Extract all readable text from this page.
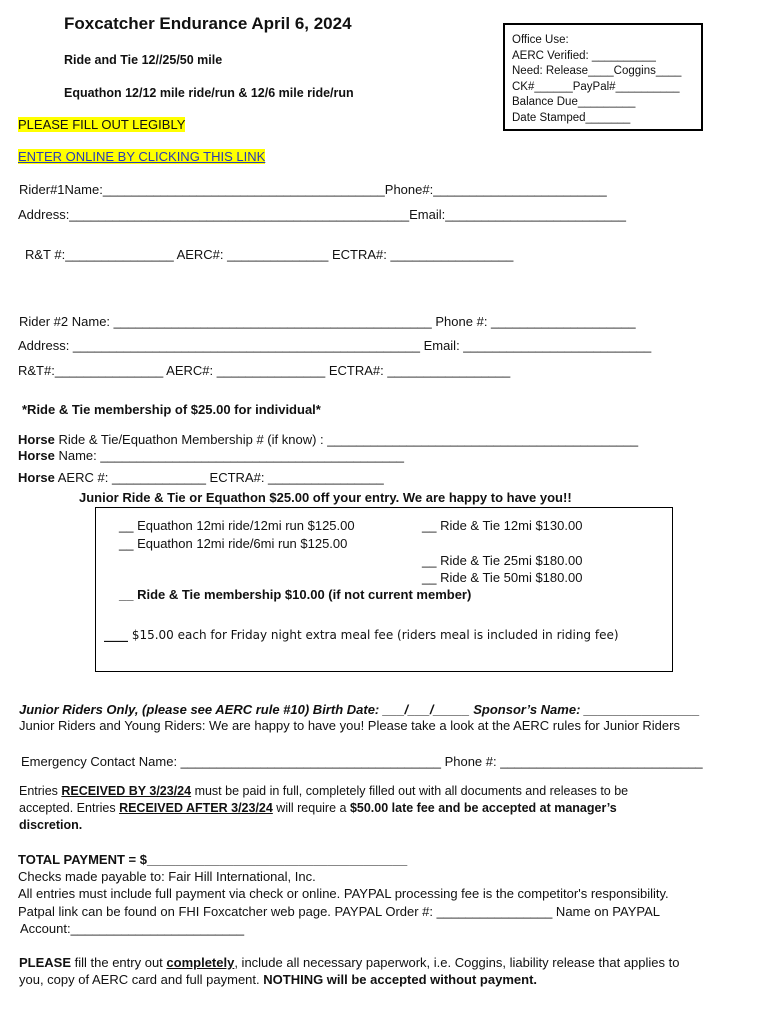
Foxcatcher Endurance April 6, 2024
Ride and Tie 12//25/50 mile
Equathon 12/12 mile ride/run & 12/6 mile ride/run
PLEASE FILL OUT LEGIBLY
ENTER ONLINE BY CLICKING THIS LINK
Office Use:
AERC Verified: __________
Need: Release____Coggins____
CK#______PayPal#__________
Balance Due_________
Date Stamped_______
Rider#1Name:_______________________________________Phone#:________________________
Address:_______________________________________________Email:_________________________
R&T #:_______________ AERC#: ______________ ECTRA#: _________________
Rider #2 Name: ____________________________________________ Phone #: ____________________
Address: ________________________________________________ Email: __________________________
R&T#:_______________ AERC#: _______________ ECTRA#: _________________
*Ride & Tie membership of $25.00 for individual*
Horse Ride & Tie/Equathon Membership # (if know) : ___________________________________________
Horse Name: __________________________________________
Horse AERC #: _____________ ECTRA#: ________________
Junior Ride & Tie or Equathon $25.00 off your entry. We are happy to have you!!
__ Equathon 12mi ride/12mi run $125.00
__ Equathon 12mi ride/6mi run $125.00
__ Ride & Tie 12mi $130.00
__ Ride & Tie 25mi $180.00
__ Ride & Tie 50mi $180.00
__ Ride & Tie membership $10.00 (if not current member)
____ $15.00 each for Friday night extra meal fee (riders meal is included in riding fee)
Junior Riders Only, (please see AERC rule #10) Birth Date: ___/___/_____ Sponsor’s Name: ________________
Junior Riders and Young Riders: We are happy to have you! Please take a look at the AERC rules for Junior Riders
Emergency Contact Name: ____________________________________ Phone #: ____________________________
Entries RECEIVED BY 3/23/24 must be paid in full, completely filled out with all documents and releases to be
accepted. Entries RECEIVED AFTER 3/23/24 will require a $50.00 late fee and be accepted at manager’s
discretion.
TOTAL PAYMENT = $____________________________________
Checks made payable to: Fair Hill International, Inc.
All entries must include full payment via check or online. PAYPAL processing fee is the competitor's responsibility.
Patpal link can be found on FHI Foxcatcher web page. PAYPAL Order #: ________________ Name on PAYPAL
Account:________________________
PLEASE fill the entry out completely, include all necessary paperwork, i.e. Coggins, liability release that applies to
you, copy of AERC card and full payment. NOTHING will be accepted without payment.
